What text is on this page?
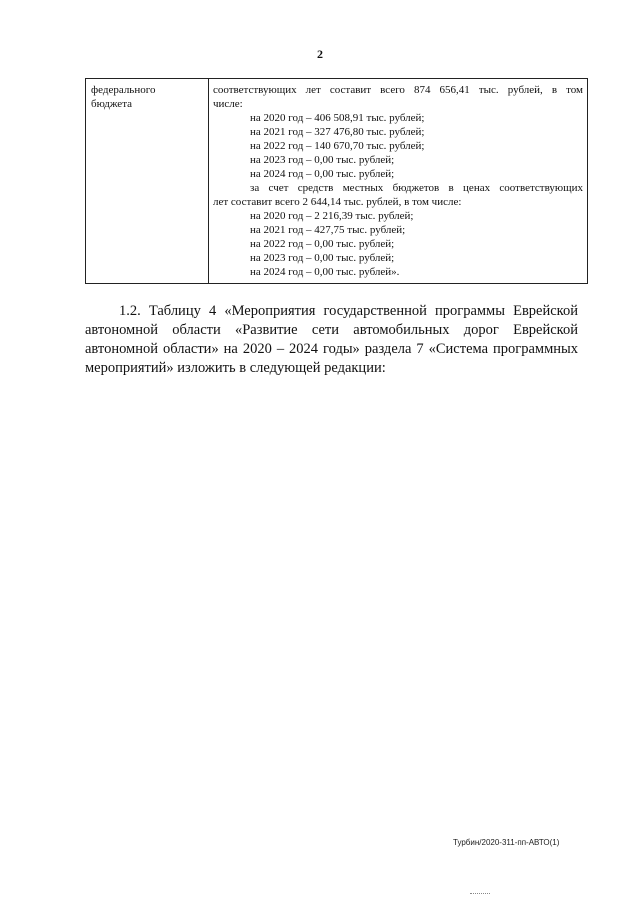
2
федерального
бюджета
соответствующих лет составит всего 874 656,41 тыс. рублей, в том
числе:
на 2020 год – 406 508,91 тыс. рублей;
на 2021 год – 327 476,80 тыс. рублей;
на 2022 год – 140 670,70 тыс. рублей;
на 2023 год – 0,00 тыс. рублей;
на 2024 год – 0,00 тыс. рублей;
за счет средств местных бюджетов в ценах соответствующих
лет составит всего 2 644,14 тыс. рублей, в том числе:
на 2020 год – 2 216,39 тыс. рублей;
на 2021 год – 427,75 тыс. рублей;
на 2022 год – 0,00 тыс. рублей;
на 2023 год – 0,00 тыс. рублей;
на 2024 год – 0,00 тыс. рублей».
1.2. Таблицу 4 «Мероприятия государственной программы Еврейской
автономной области «Развитие сети автомобильных дорог Еврейской
автономной области» на 2020 – 2024 годы» раздела 7 «Система программных
мероприятий» изложить в следующей редакции:
Турбин/2020-311-пп-АВТО(1)
